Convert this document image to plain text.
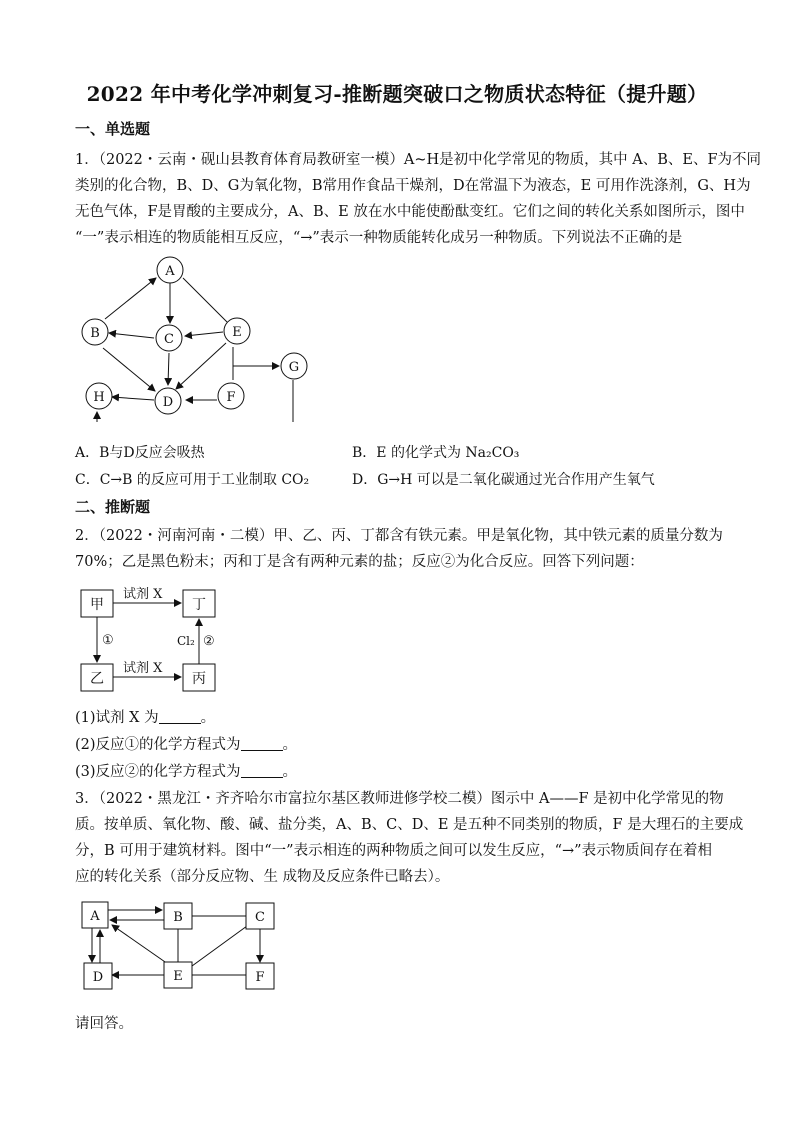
2022 年中考化学冲刺复习-推断题突破口之物质状态特征（提升题）
一、单选题
1．（2022・云南・砚山县教育体育局教研室一模）A~H是初中化学常见的物质，其中 A、B、E、F为不同
类别的化合物，B、D、G为氧化物，B常用作食品干燥剂，D在常温下为液态，E 可用作洗涤剂，G、H为
无色气体，F是胃酸的主要成分，A、B、E 放在水中能使酚酞变红。它们之间的转化关系如图所示，图中
“一”表示相连的物质能相互反应，“→”表示一种物质能转化成另一种物质。下列说法不正确的是
A
B	C	E
G
H	D	F
A．B与D反应会吸热	B．E 的化学式为 Na₂CO₃
C．C→B 的反应可用于工业制取 CO₂	D．G→H 可以是二氧化碳通过光合作用产生氧气
二、推断题
2．（2022・河南河南・二模）甲、乙、丙、丁都含有铁元素。甲是氧化物，其中铁元素的质量分数为
70%；乙是黑色粉末；丙和丁是含有两种元素的盐；反应②为化合反应。回答下列问题：
甲	丁
乙	丙
试剂 X
试剂 X
①	Cl₂ ②
(1)试剂 X 为	。
(2)反应①的化学方程式为	。
(3)反应②的化学方程式为	。
3．（2022・黑龙江・齐齐哈尔市富拉尔基区教师进修学校二模）图示中 A——F 是初中化学常见的物
质。按单质、氧化物、酸、碱、盐分类，A、B、C、D、E 是五种不同类别的物质，F 是大理石的主要成
分，B 可用于建筑材料。图中“一”表示相连的两种物质之间可以发生反应，“→”表示物质间存在着相
应的转化关系（部分反应物、生 成物及反应条件已略去）。
A	B	C
D	E	F
请回答。
